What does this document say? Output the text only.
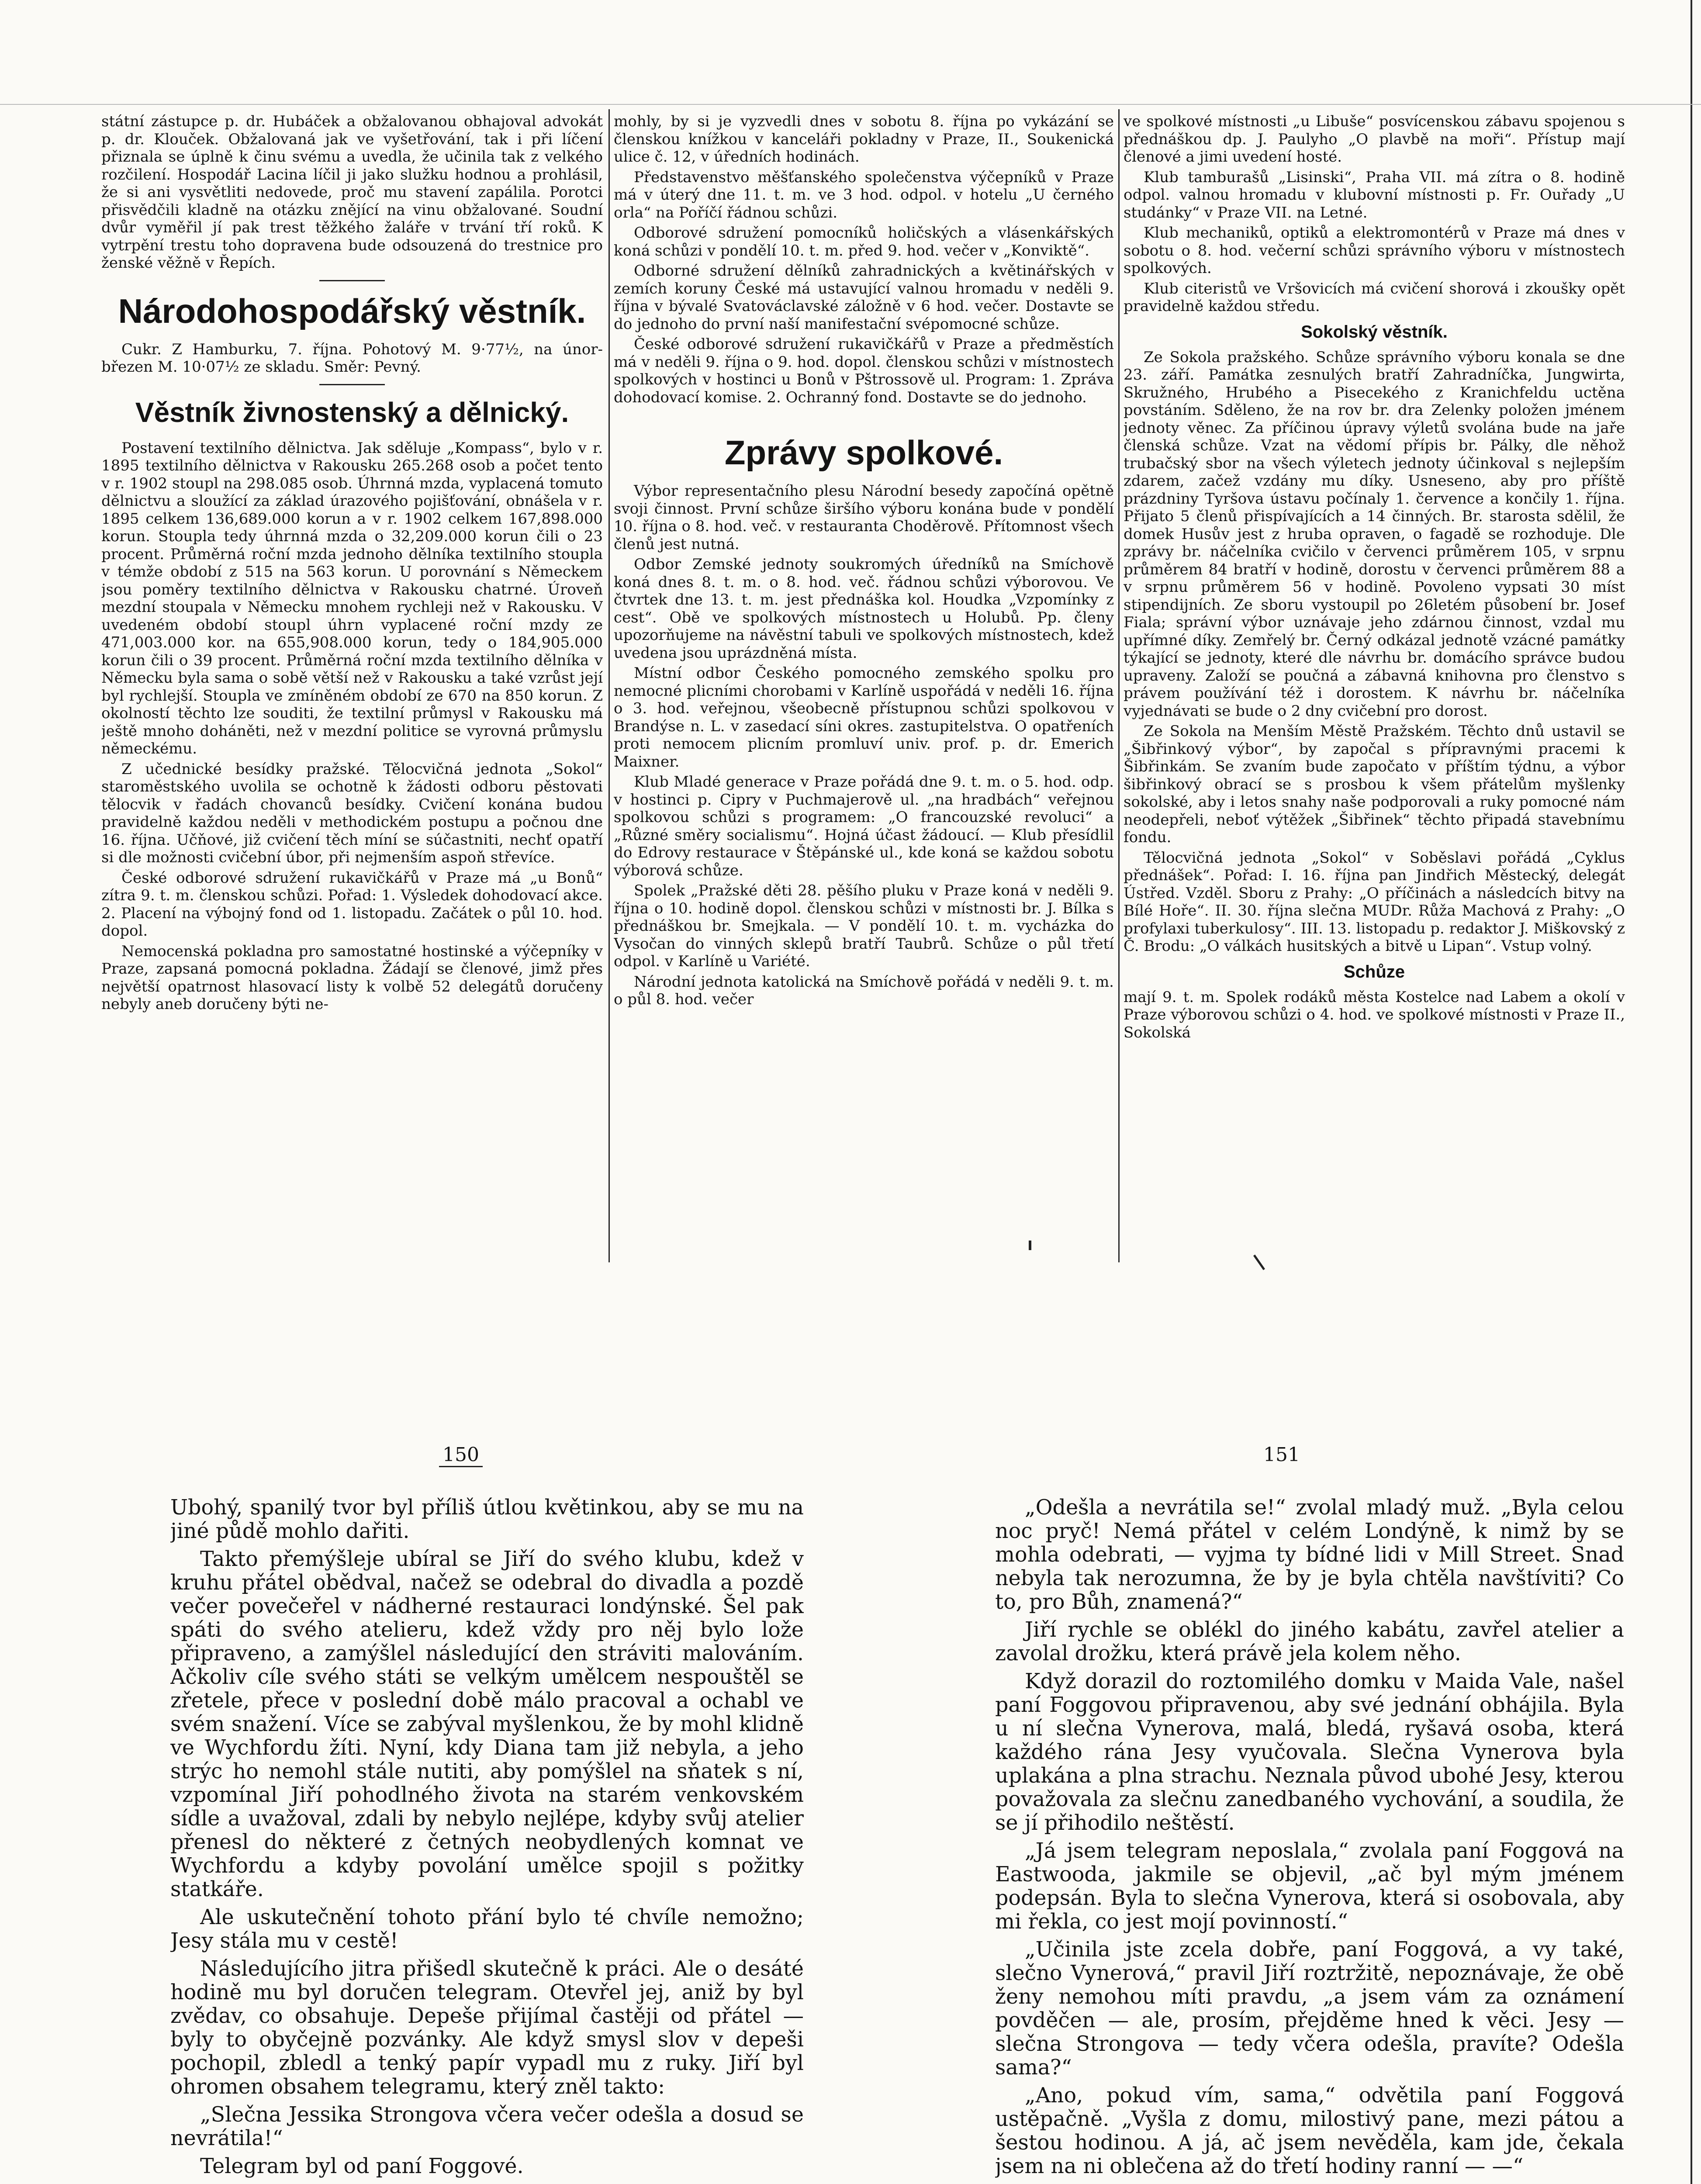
státní zástupce p. dr. Hubáček a obžalovanou obhajoval advokát p. dr. Klouček. Obžalovaná jak ve vyšetřování, tak i při líčení přiznala se úplně k činu svému a uvedla, že učinila tak z velkého rozčilení. Hospodář Lacina líčil ji jako služku hodnou a prohlásil, že si ani vysvětliti nedovede, proč mu stavení zapálila. Porotci přisvědčili kladně na otázku znějící na vinu obžalované. Soudní dvůr vyměřil jí pak trest těžkého žaláře v trvání tří roků. K vytrpění trestu toho dopravena bude odsouzená do trestnice pro ženské věžně v Řepích.

Národohospodářský věstník.

Cukr. Z Hamburku, 7. října. Pohotový M. 9·77½, na únor-březen M. 10·07½ ze skladu. Směr: Pevný.

Věstník živnostenský a dělnický.

Postavení textilního dělnictva. Jak sděluje „Kompass“, bylo v r. 1895 textilního dělnictva v Rakousku 265.268 osob a počet tento v r. 1902 stoupl na 298.085 osob. Úhrnná mzda, vyplacená tomuto dělnictvu a sloužící za základ úrazového pojišťování, obnášela v r. 1895 celkem 136,689.000 korun a v r. 1902 celkem 167,898.000 korun. Stoupla tedy úhrnná mzda o 32,209.000 korun čili o 23 procent. Průměrná roční mzda jednoho dělníka textilního stoupla v témže období z 515 na 563 korun. U porovnání s Německem jsou poměry textilního dělnictva v Rakousku chatrné. Úroveň mezdní stoupala v Německu mnohem rychleji než v Rakousku. V uvedeném období stoupl úhrn vyplacené roční mzdy ze 471,003.000 kor. na 655,908.000 korun, tedy o 184,905.000 korun čili o 39 procent. Průměrná roční mzda textilního dělníka v Německu byla sama o sobě větší než v Rakousku a také vzrůst její byl rychlejší. Stoupla ve zmíněném období ze 670 na 850 korun. Z okolností těchto lze souditi, že textilní průmysl v Rakousku má ještě mnoho doháněti, než v mezdní politice se vyrovná průmyslu německému.

Z učednické besídky pražské. Tělocvičná jednota „Sokol“ staroměstského uvolila se ochotně k žádosti odboru pěstovati tělocvik v řadách chovanců besídky. Cvičení konána budou pravidelně každou neděli v methodickém postupu a počnou dne 16. října. Učňové, již cvičení těch míní se súčastniti, nechť opatří si dle možnosti cvičební úbor, při nejmenším aspoň střevíce.

České odborové sdružení rukavičkářů v Praze má „u Bonů“ zítra 9. t. m. členskou schůzi. Pořad: 1. Výsledek dohodovací akce. 2. Placení na výbojný fond od 1. listopadu. Začátek o půl 10. hod. dopol.

Nemocenská pokladna pro samostatné hostinské a výčepníky v Praze, zapsaná pomocná pokladna. Žádají se členové, jimž přes největší opatrnost hlasovací listy k volbě 52 delegátů doručeny nebyly aneb doručeny býti ne-

mohly, by si je vyzvedli dnes v sobotu 8. října po vykázání se členskou knížkou v kanceláři pokladny v Praze, II., Soukenická ulice č. 12, v úředních hodinách.

Představenstvo měšťanského společenstva výčepníků v Praze má v úterý dne 11. t. m. ve 3 hod. odpol. v hotelu „U černého orla“ na Poříčí řádnou schůzi.

Odborové sdružení pomocníků holičských a vlásenkářských koná schůzi v pondělí 10. t. m. před 9. hod. večer v „Konviktě“.

Odborné sdružení dělníků zahradnických a květinářských v zemích koruny České má ustavující valnou hromadu v neděli 9. října v bývalé Svatováclavské záložně v 6 hod. večer. Dostavte se do jednoho do první naší manifestační svépomocné schůze.

České odborové sdružení rukavičkářů v Praze a předměstích má v neděli 9. října o 9. hod. dopol. členskou schůzi v místnostech spolkových v hostinci u Bonů v Pštrossově ul. Program: 1. Zpráva dohodovací komise. 2. Ochranný fond. Dostavte se do jednoho.

Zprávy spolkové.

Výbor representačního plesu Národní besedy započíná opětně svoji činnost. První schůze širšího výboru konána bude v pondělí 10. října o 8. hod. več. v restauranta Choděrově. Přítomnost všech členů jest nutná.

Odbor Zemské jednoty soukromých úředníků na Smíchově koná dnes 8. t. m. o 8. hod. več. řádnou schůzi výborovou. Ve čtvrtek dne 13. t. m. jest přednáška kol. Houdka „Vzpomínky z cest“. Obě ve spolkových místnostech u Holubů. Pp. členy upozorňujeme na návěstní tabuli ve spolkových místnostech, kdež uvedena jsou uprázdněná místa.

Místní odbor Českého pomocného zemského spolku pro nemocné plicními chorobami v Karlíně uspořádá v neděli 16. října o 3. hod. veřejnou, všeobecně přístupnou schůzi spolkovou v Brandýse n. L. v zasedací síni okres. zastupitelstva. O opatřeních proti nemocem plicním promluví univ. prof. p. dr. Emerich Maixner.

Klub Mladé generace v Praze pořádá dne 9. t. m. o 5. hod. odp. v hostinci p. Cipry v Puchmajerově ul. „na hradbách“ veřejnou spolkovou schůzi s programem: „O francouzské revoluci“ a „Různé směry socialismu“. Hojná účast žádoucí. — Klub přesídlil do Edrovy restaurace v Štěpánské ul., kde koná se každou sobotu výborová schůze.

Spolek „Pražské děti 28. pěšího pluku v Praze koná v neděli 9. října o 10. hodině dopol. členskou schůzi v místnosti br. J. Bílka s přednáškou br. Smejkala. — V pondělí 10. t. m. vycházka do Vysočan do vinných sklepů bratří Taubrů. Schůze o půl třetí odpol. v Karlíně u Variété.

Národní jednota katolická na Smíchově pořádá v neděli 9. t. m. o půl 8. hod. večer

ve spolkové místnosti „u Libuše“ posvícenskou zábavu spojenou s přednáškou dp. J. Paulyho „O plavbě na moři“. Přístup mají členové a jimi uvedení hosté.

Klub tamburašů „Lisinski“, Praha VII. má zítra o 8. hodině odpol. valnou hromadu v klubovní místnosti p. Fr. Ouřady „U studánky“ v Praze VII. na Letné.

Klub mechaniků, optiků a elektromontérů v Praze má dnes v sobotu o 8. hod. večerní schůzi správního výboru v místnostech spolkových.

Klub citeristů ve Vršovicích má cvičení shorová i zkoušky opět pravidelně každou středu.

Sokolský věstník.

Ze Sokola pražského. Schůze správního výboru konala se dne 23. září. Památka zesnulých bratří Zahradníčka, Jungwirta, Skružného, Hrubého a Pisecekého z Kranichfeldu uctěna povstáním. Sděleno, že na rov br. dra Zelenky položen jménem jednoty věnec. Za příčinou úpravy výletů svolána bude na jaře členská schůze. Vzat na vědomí přípis br. Pálky, dle něhož trubačský sbor na všech výletech jednoty účinkoval s nejlepším zdarem, začež vzdány mu díky. Usneseno, aby pro příště prázdniny Tyršova ústavu počínaly 1. července a končily 1. října. Přijato 5 členů přispívajících a 14 činných. Br. starosta sdělil, že domek Husův jest z hruba opraven, o fagadě se rozhoduje. Dle zprávy br. náčelníka cvičilo v červenci průměrem 105, v srpnu průměrem 84 bratří v hodině, dorostu v červenci průměrem 88 a v srpnu průměrem 56 v hodině. Povoleno vypsati 30 míst stipendijních. Ze sboru vystoupil po 26letém působení br. Josef Fiala; správní výbor uznávaje jeho zdárnou činnost, vzdal mu upřímné díky. Zemřelý br. Černý odkázal jednotě vzácné památky týkající se jednoty, které dle návrhu br. domácího správce budou upraveny. Založí se poučná a zábavná knihovna pro členstvo s právem používání též i dorostem. K návrhu br. náčelníka vyjednávati se bude o 2 dny cvičební pro dorost.

Ze Sokola na Menším Městě Pražském. Těchto dnů ustavil se „Šibřinkový výbor“, by započal s přípravnými pracemi k Šibřinkám. Se zvaním bude započato v příštím týdnu, a výbor šibřinkový obrací se s prosbou k všem přátelům myšlenky sokolské, aby i letos snahy naše podporovali a ruky pomocné nám neodepřeli, neboť výtěžek „Šibřinek“ těchto připadá stavebnímu fondu.

Tělocvičná jednota „Sokol“ v Soběslavi pořádá „Cyklus přednášek“. Pořad: I. 16. října pan Jindřich Městecký, delegát Ústřed. Vzděl. Sboru z Prahy: „O příčinách a následcích bitvy na Bílé Hoře“. II. 30. října slečna MUDr. Růža Machová z Prahy: „O profylaxi tuberkulosy“. III. 13. listopadu p. redaktor J. Miškovský z Č. Brodu: „O válkách husitských a bitvě u Lipan“. Vstup volný.

Schůze

mají 9. t. m. Spolek rodáků města Kostelce nad Labem a okolí v Praze výborovou schůzi o 4. hod. ve spolkové místnosti v Praze II., Sokolská

150	151

Ubohý, spanilý tvor byl příliš útlou květinkou, aby se mu na jiné půdě mohlo dařiti.

Takto přemýšleje ubíral se Jiří do svého klubu, kdež v kruhu přátel obědval, načež se odebral do divadla a pozdě večer povečeřel v nádherné restauraci londýnské. Šel pak spáti do svého atelieru, kdež vždy pro něj bylo lože připraveno, a zamýšlel následující den stráviti malováním. Ačkoliv cíle svého státi se velkým umělcem nespouštěl se zřetele, přece v poslední době málo pracoval a ochabl ve svém snažení. Více se zabýval myšlenkou, že by mohl klidně ve Wychfordu žíti. Nyní, kdy Diana tam již nebyla, a jeho strýc ho nemohl stále nutiti, aby pomýšlel na sňatek s ní, vzpomínal Jiří pohodlného života na starém venkovském sídle a uvažoval, zdali by nebylo nejlépe, kdyby svůj atelier přenesl do některé z četných neobydlených komnat ve Wychfordu a kdyby povolání umělce spojil s požitky statkáře.

Ale uskutečnění tohoto přání bylo té chvíle nemožno; Jesy stála mu v cestě!

Následujícího jitra přišedl skutečně k práci. Ale o desáté hodině mu byl doručen telegram. Otevřel jej, aniž by byl zvědav, co obsahuje. Depeše přijímal častěji od přátel — byly to obyčejně pozvánky. Ale když smysl slov v depeši pochopil, zbledl a tenký papír vypadl mu z ruky. Jiří byl ohromen obsahem telegramu, který zněl takto:

„Slečna Jessika Strongova včera večer odešla a dosud se nevrátila!“

Telegram byl od paní Foggové.

„Odešla a nevrátila se!“ zvolal mladý muž. „Byla celou noc pryč! Nemá přátel v celém Londýně, k nimž by se mohla odebrati, — vyjma ty bídné lidi v Mill Street. Snad nebyla tak nerozumna, že by je byla chtěla navštíviti? Co to, pro Bůh, znamená?“

Jiří rychle se oblékl do jiného kabátu, zavřel atelier a zavolal drožku, která právě jela kolem něho.

Když dorazil do roztomilého domku v Maida Vale, našel paní Foggovou připravenou, aby své jednání obhájila. Byla u ní slečna Vynerova, malá, bledá, ryšavá osoba, která každého rána Jesy vyučovala. Slečna Vynerova byla uplakána a plna strachu. Neznala původ ubohé Jesy, kterou považovala za slečnu zanedbaného vychování, a soudila, že se jí přihodilo neštěstí.

„Já jsem telegram neposlala,“ zvolala paní Foggová na Eastwooda, jakmile se objevil, „ač byl mým jménem podepsán. Byla to slečna Vynerova, která si osobovala, aby mi řekla, co jest mojí povinností.“

„Učinila jste zcela dobře, paní Foggová, a vy také, slečno Vynerová,“ pravil Jiří roztržitě, nepoznávaje, že obě ženy nemohou míti pravdu, „a jsem vám za oznámení povděčen — ale, prosím, přejděme hned k věci. Jesy — slečna Strongova — tedy včera odešla, pravíte? Odešla sama?“

„Ano, pokud vím, sama,“ odvětila paní Foggová ustěpačně. „Vyšla z domu, milostivý pane, mezi pátou a šestou hodinou. A já, ač jsem nevěděla, kam jde, čekala jsem na ni oblečena až do třetí hodiny ranní — —“
